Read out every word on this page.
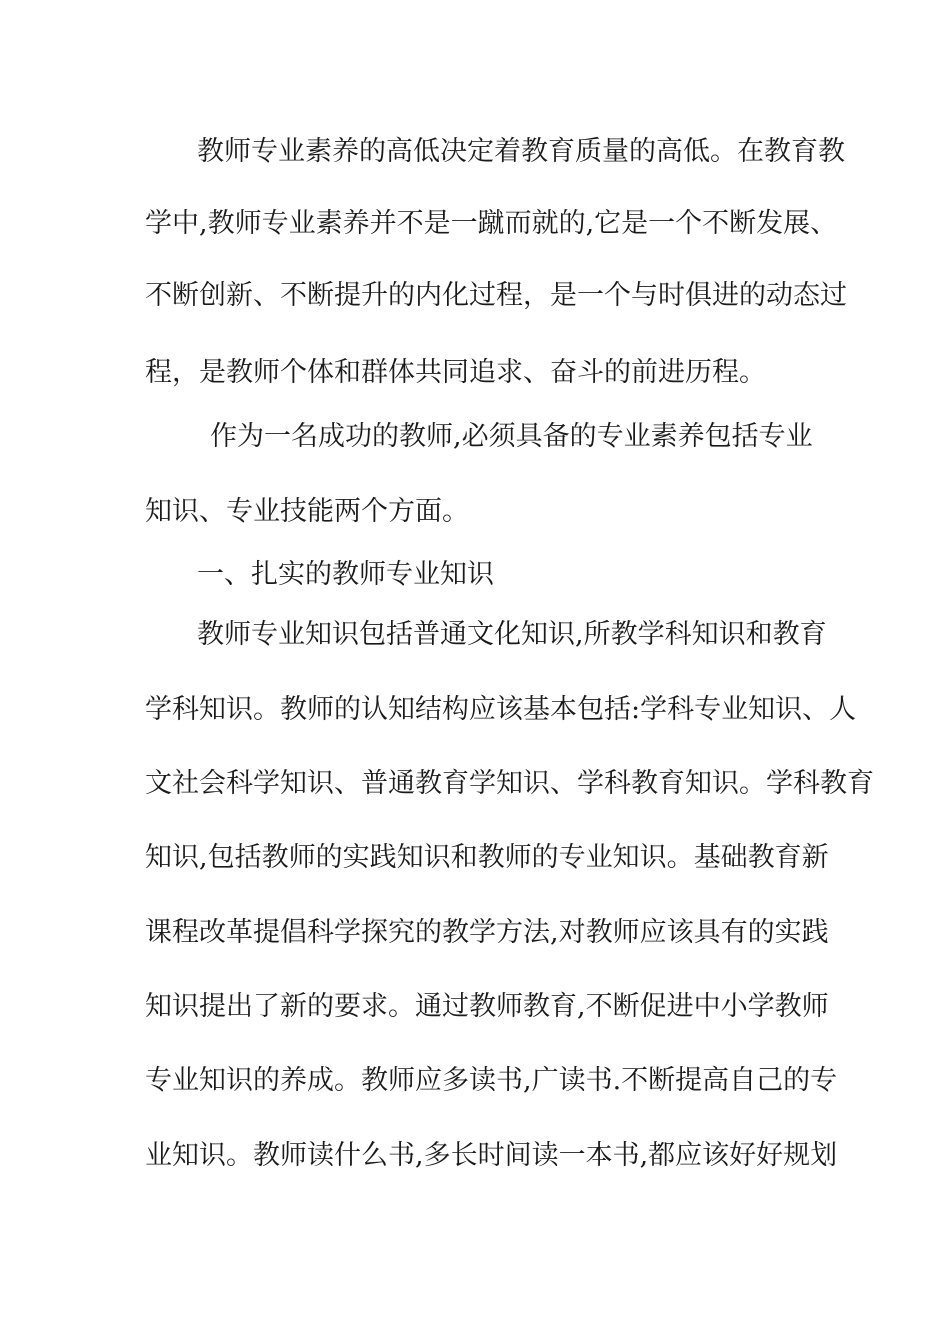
教师专业素养的高低决定着教育质量的高低。在教育教
学中,教师专业素养并不是一蹴而就的,它是一个不断发展、
不断创新、不断提升的内化过程，是一个与时俱进的动态过
程，是教师个体和群体共同追求、奋斗的前进历程。
作为一名成功的教师,必须具备的专业素养包括专业
知识、专业技能两个方面。
一、扎实的教师专业知识
教师专业知识包括普通文化知识,所教学科知识和教育
学科知识。教师的认知结构应该基本包括:学科专业知识、人
文社会科学知识、普通教育学知识、学科教育知识。学科教育
知识,包括教师的实践知识和教师的专业知识。基础教育新
课程改革提倡科学探究的教学方法,对教师应该具有的实践
知识提出了新的要求。通过教师教育,不断促进中小学教师
专业知识的养成。教师应多读书,广读书.不断提高自己的专
业知识。教师读什么书,多长时间读一本书,都应该好好规划
